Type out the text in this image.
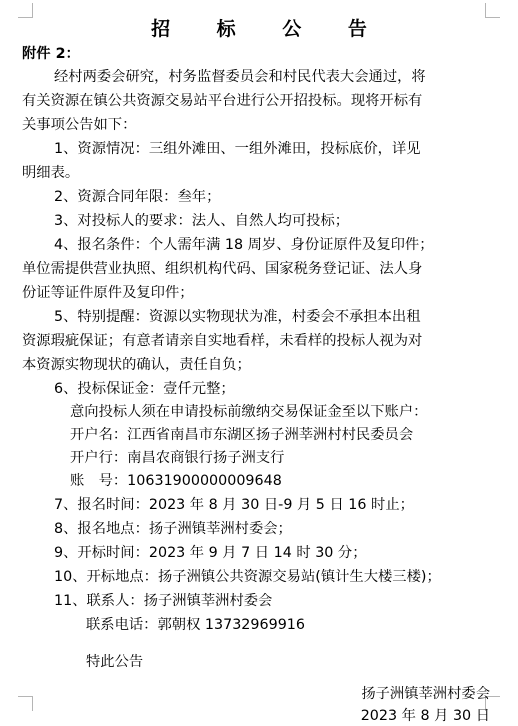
招 标 公 告
附件 2：
经村两委会研究，村务监督委员会和村民代表大会通过，将
有关资源在镇公共资源交易站平台进行公开招投标。现将开标有
关事项公告如下：
1、资源情况：三组外滩田、一组外滩田，投标底价，详见
明细表。
2、资源合同年限：叁年；
3、对投标人的要求：法人、自然人均可投标；
4、报名条件：个人需年满 18 周岁、身份证原件及复印件；
单位需提供营业执照、组织机构代码、国家税务登记证、法人身
份证等证件原件及复印件；
5、特别提醒：资源以实物现状为准，村委会不承担本出租
资源瑕疵保证；有意者请亲自实地看样，未看样的投标人视为对
本资源实物现状的确认，责任自负；
6、投标保证金：壹仟元整；
意向投标人须在申请投标前缴纳交易保证金至以下账户：
开户名：江西省南昌市东湖区扬子洲莘洲村村民委员会
开户行：南昌农商银行扬子洲支行
账　号：10631900000009648
7、报名时间：2023 年 8 月 30 日-9 月 5 日 16 时止；
8、报名地点：扬子洲镇莘洲村委会；
9、开标时间：2023 年 9 月 7 日 14 时 30 分；
10、开标地点：扬子洲镇公共资源交易站(镇计生大楼三楼)；
11、联系人：扬子洲镇莘洲村委会
联系电话：郭朝权 13732969916
特此公告
扬子洲镇莘洲村委会
2023 年 8 月 30 日
